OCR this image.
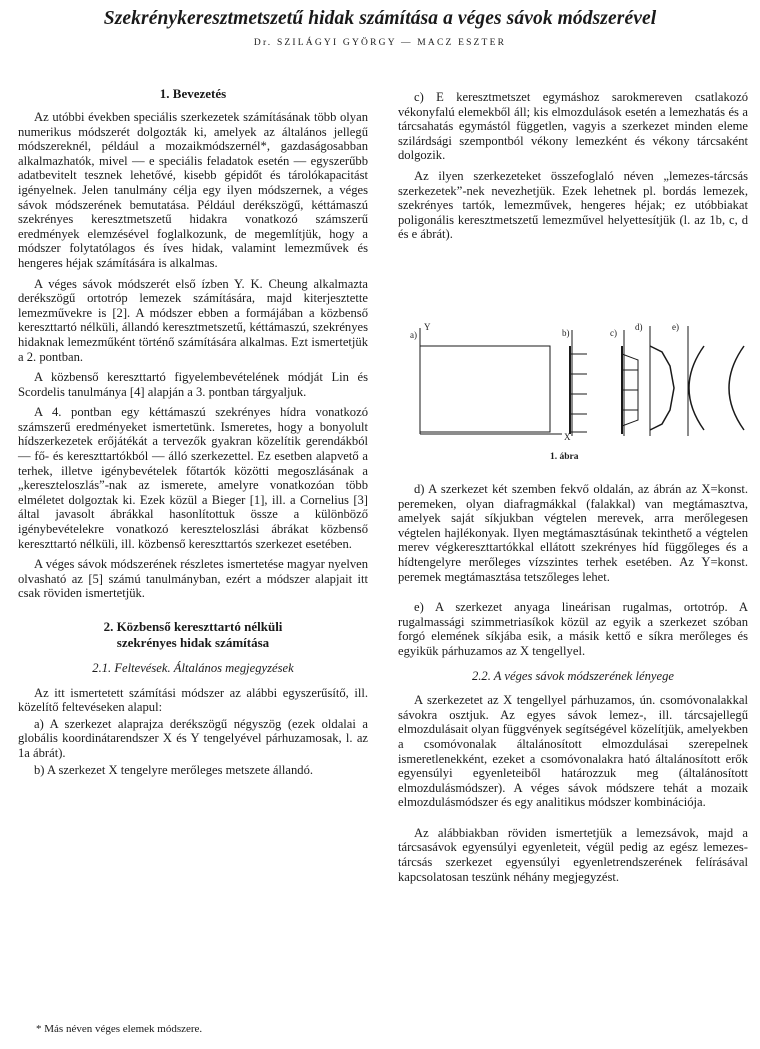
Szekrénykeresztmetszetű hidak számítása a véges sávok módszerével
Dr. SZILÁGYI GYÖRGY — MACZ ESZTER
1. Bevezetés

Az utóbbi években speciális szerkezetek számításának több olyan numerikus módszerét dolgozták ki, amelyek az általános jellegű módszereknél, például a mozaikmódszernél*, gazdaságosabban alkalmazhatók, mivel — e speciális feladatok esetén — egyszerűbb adatbevitelt tesznek lehetővé, kisebb gépidőt és tárolókapacitást igényelnek. Jelen tanulmány célja egy ilyen módszernek, a véges sávok módszerének bemutatása. Például derékszögű, kéttámaszú szekrényes keresztmetszetű hidakra vonatkozó számszerű eredmények elemzésével foglalkozunk, de megemlítjük, hogy a módszer folytatólagos és íves hidak, valamint lemezművek és hengeres héjak számítására is alkalmas.

A véges sávok módszerét első ízben Y. K. Cheung alkalmazta derékszögű ortotróp lemezek számítására, majd kiterjesztette lemezművekre is [2]. A módszer ebben a formájában a közbenső kereszttartó nélküli, állandó keresztmetszetű, kéttámaszú, szekrényes hidaknak lemezműként történő számítására alkalmas. Ezt ismertetjük a 2. pontban.

A közbenső kereszttartó figyelembevételének módját Lin és Scordelis tanulmánya [4] alapján a 3. pontban tárgyaljuk.

A 4. pontban egy kéttámaszú szekrényes hídra vonatkozó számszerű eredményeket ismertetünk. Ismeretes, hogy a bonyolult hídszerkezetek erőjátékát a tervezők gyakran közelítik gerendákból — fő- és kereszttartókból — álló szerkezettel. Ez esetben alapvető a terhek, illetve igénybevételek főtartók közötti megoszlásának a „kereszteloszlás”-nak az ismerete, amelyre vonatkozóan több elméletet dolgoztak ki. Ezek közül a Bieger [1], ill. a Cornelius [3] által javasolt ábrákkal hasonlítottuk össze a különböző igénybevételekre vonatkozó kereszteloszlási ábrákat közbenső kereszttartó nélküli, ill. közbenső kereszttartós szerkezet esetében.

A véges sávok módszerének részletes ismertetése magyar nyelven olvasható az [5] számú tanulmányban, ezért a módszer alapjait itt csak röviden ismertetjük.

2. Közbenső kereszttartó nélküli
szekrényes hidak számítása
2.1. Feltevések. Általános megjegyzések

Az itt ismertetett számítási módszer az alábbi egyszerűsítő, ill. közelítő feltevéseken alapul:

a) A szerkezet alaprajza derékszögű négyszög (ezek oldalai a globális koordinátarendszer X és Y tengelyével párhuzamosak, l. az 1a ábrát).

b) A szerkezet X tengelyre merőleges metszete állandó.

* Más néven véges elemek módszere.

c) E keresztmetszet egymáshoz sarokmereven csatlakozó vékonyfalú elemekből áll; kis elmozdulások esetén a lemezhatás és a tárcsahatás egymástól független, vagyis a szerkezet minden eleme szilárdsági szempontból vékony lemezként és vékony tárcsaként dolgozik.

Az ilyen szerkezeteket összefoglaló néven „lemezes-tárcsás szerkezetek”-nek nevezhetjük. Ezek lehetnek pl. bordás lemezek, szekrényes tartók, lemezművek, hengeres héjak; ez utóbbiakat poligonális keresztmetszetű lemezművel helyettesítjük (l. az 1b, c, d és e ábrát).

a)
Y
X
b)	c)
d)	e)
1. ábra

d) A szerkezet két szemben fekvő oldalán, az ábrán az X=konst. peremeken, olyan diafragmákkal (falakkal) van megtámasztva, amelyek saját síkjukban végtelen merevek, arra merőlegesen végtelen hajlékonyak. Ilyen megtámasztásúnak tekinthető a végtelen merev végkereszttartókkal ellátott szekrényes híd függőleges és a hídtengelyre merőleges vízszintes terhek esetében. Az Y=konst. peremek megtámasztása tetszőleges lehet.

e) A szerkezet anyaga lineárisan rugalmas, ortotróp. A rugalmassági szimmetriasíkok közül az egyik a szerkezet szóban forgó elemének síkjába esik, a másik kettő e síkra merőleges és egyikük párhuzamos az X tengellyel.

2.2. A véges sávok módszerének lényege

A szerkezetet az X tengellyel párhuzamos, ún. csomóvonalakkal sávokra osztjuk. Az egyes sávok lemez-, ill. tárcsajellegű elmozdulásait olyan függvények segítségével közelítjük, amelyekben a csomóvonalak általánosított elmozdulásai szerepelnek ismeretlenekként, ezeket a csomóvonalakra ható általánosított erők egyensúlyi egyenleteiből határozzuk meg (általánosított elmozdulásmódszer). A véges sávok módszere tehát a mozaik elmozdulásmódszer és egy analitikus módszer kombinációja.

Az alábbiakban röviden ismertetjük a lemezsávok, majd a tárcsasávok egyensúlyi egyenleteit, végül pedig az egész lemezes-tárcsás szerkezet egyensúlyi egyenletrendszerének felírásával kapcsolatosan teszünk néhány megjegyzést.
